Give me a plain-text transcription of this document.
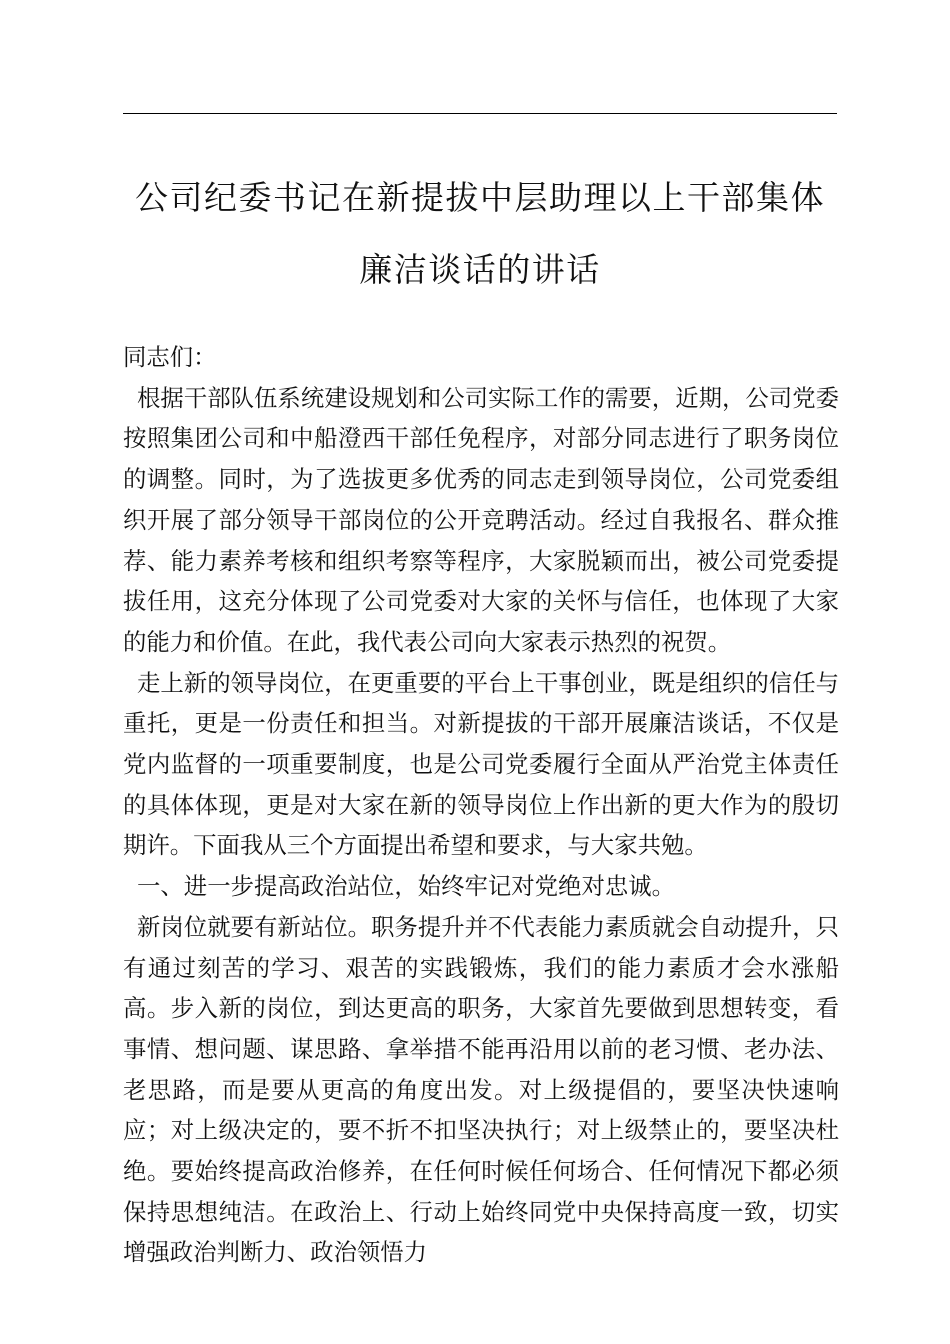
公司纪委书记在新提拔中层助理以上干部集体
廉洁谈话的讲话

同志们：

根据干部队伍系统建设规划和公司实际工作的需要，近期，公司党委按照集团公司和中船澄西干部任免程序，对部分同志进行了职务岗位的调整。同时，为了选拔更多优秀的同志走到领导岗位，公司党委组织开展了部分领导干部岗位的公开竞聘活动。经过自我报名、群众推荐、能力素养考核和组织考察等程序，大家脱颖而出，被公司党委提拔任用，这充分体现了公司党委对大家的关怀与信任，也体现了大家的能力和价值。在此，我代表公司向大家表示热烈的祝贺。

走上新的领导岗位，在更重要的平台上干事创业，既是组织的信任与重托，更是一份责任和担当。对新提拔的干部开展廉洁谈话，不仅是党内监督的一项重要制度，也是公司党委履行全面从严治党主体责任的具体体现，更是对大家在新的领导岗位上作出新的更大作为的殷切期许。下面我从三个方面提出希望和要求，与大家共勉。

一、进一步提高政治站位，始终牢记对党绝对忠诚。

新岗位就要有新站位。职务提升并不代表能力素质就会自动提升，只有通过刻苦的学习、艰苦的实践锻炼，我们的能力素质才会水涨船高。步入新的岗位，到达更高的职务，大家首先要做到思想转变，看事情、想问题、谋思路、拿举措不能再沿用以前的老习惯、老办法、老思路，而是要从更高的角度出发。对上级提倡的，要坚决快速响应；对上级决定的，要不折不扣坚决执行；对上级禁止的，要坚决杜绝。要始终提高政治修养，在任何时候任何场合、任何情况下都必须保持思想纯洁。在政治上、行动上始终同党中央保持高度一致，切实增强政治判断力、政治领悟力
